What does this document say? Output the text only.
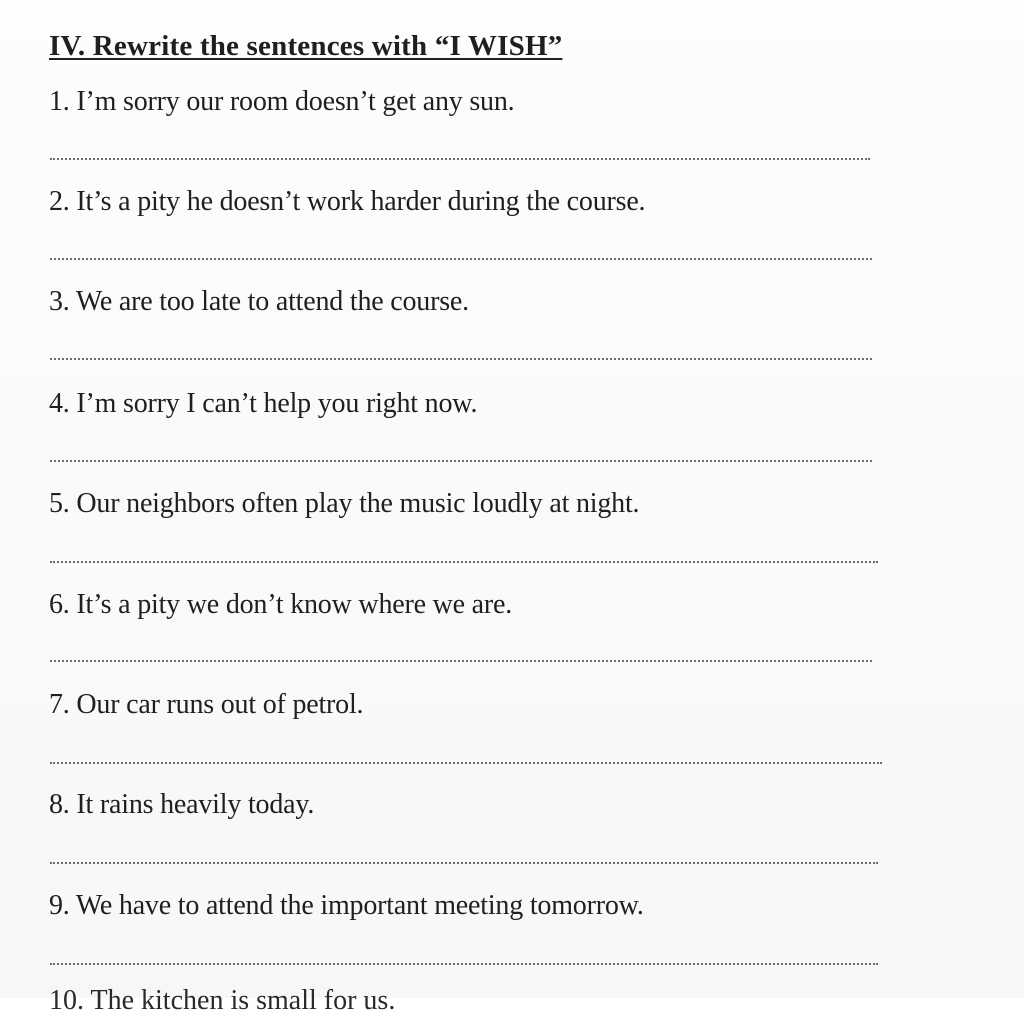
IV. Rewrite the sentences with “I WISH”
1. I’m sorry our room doesn’t get any sun.
2. It’s a pity he doesn’t work harder during the course.
3. We are too late to attend the course.
4. I’m sorry I can’t help you right now.
5. Our neighbors often play the music loudly at night.
6. It’s a pity we don’t know where we are.
7. Our car runs out of petrol.
8. It rains heavily today.
9. We have to attend the important meeting tomorrow.
10. The kitchen is small for us.
